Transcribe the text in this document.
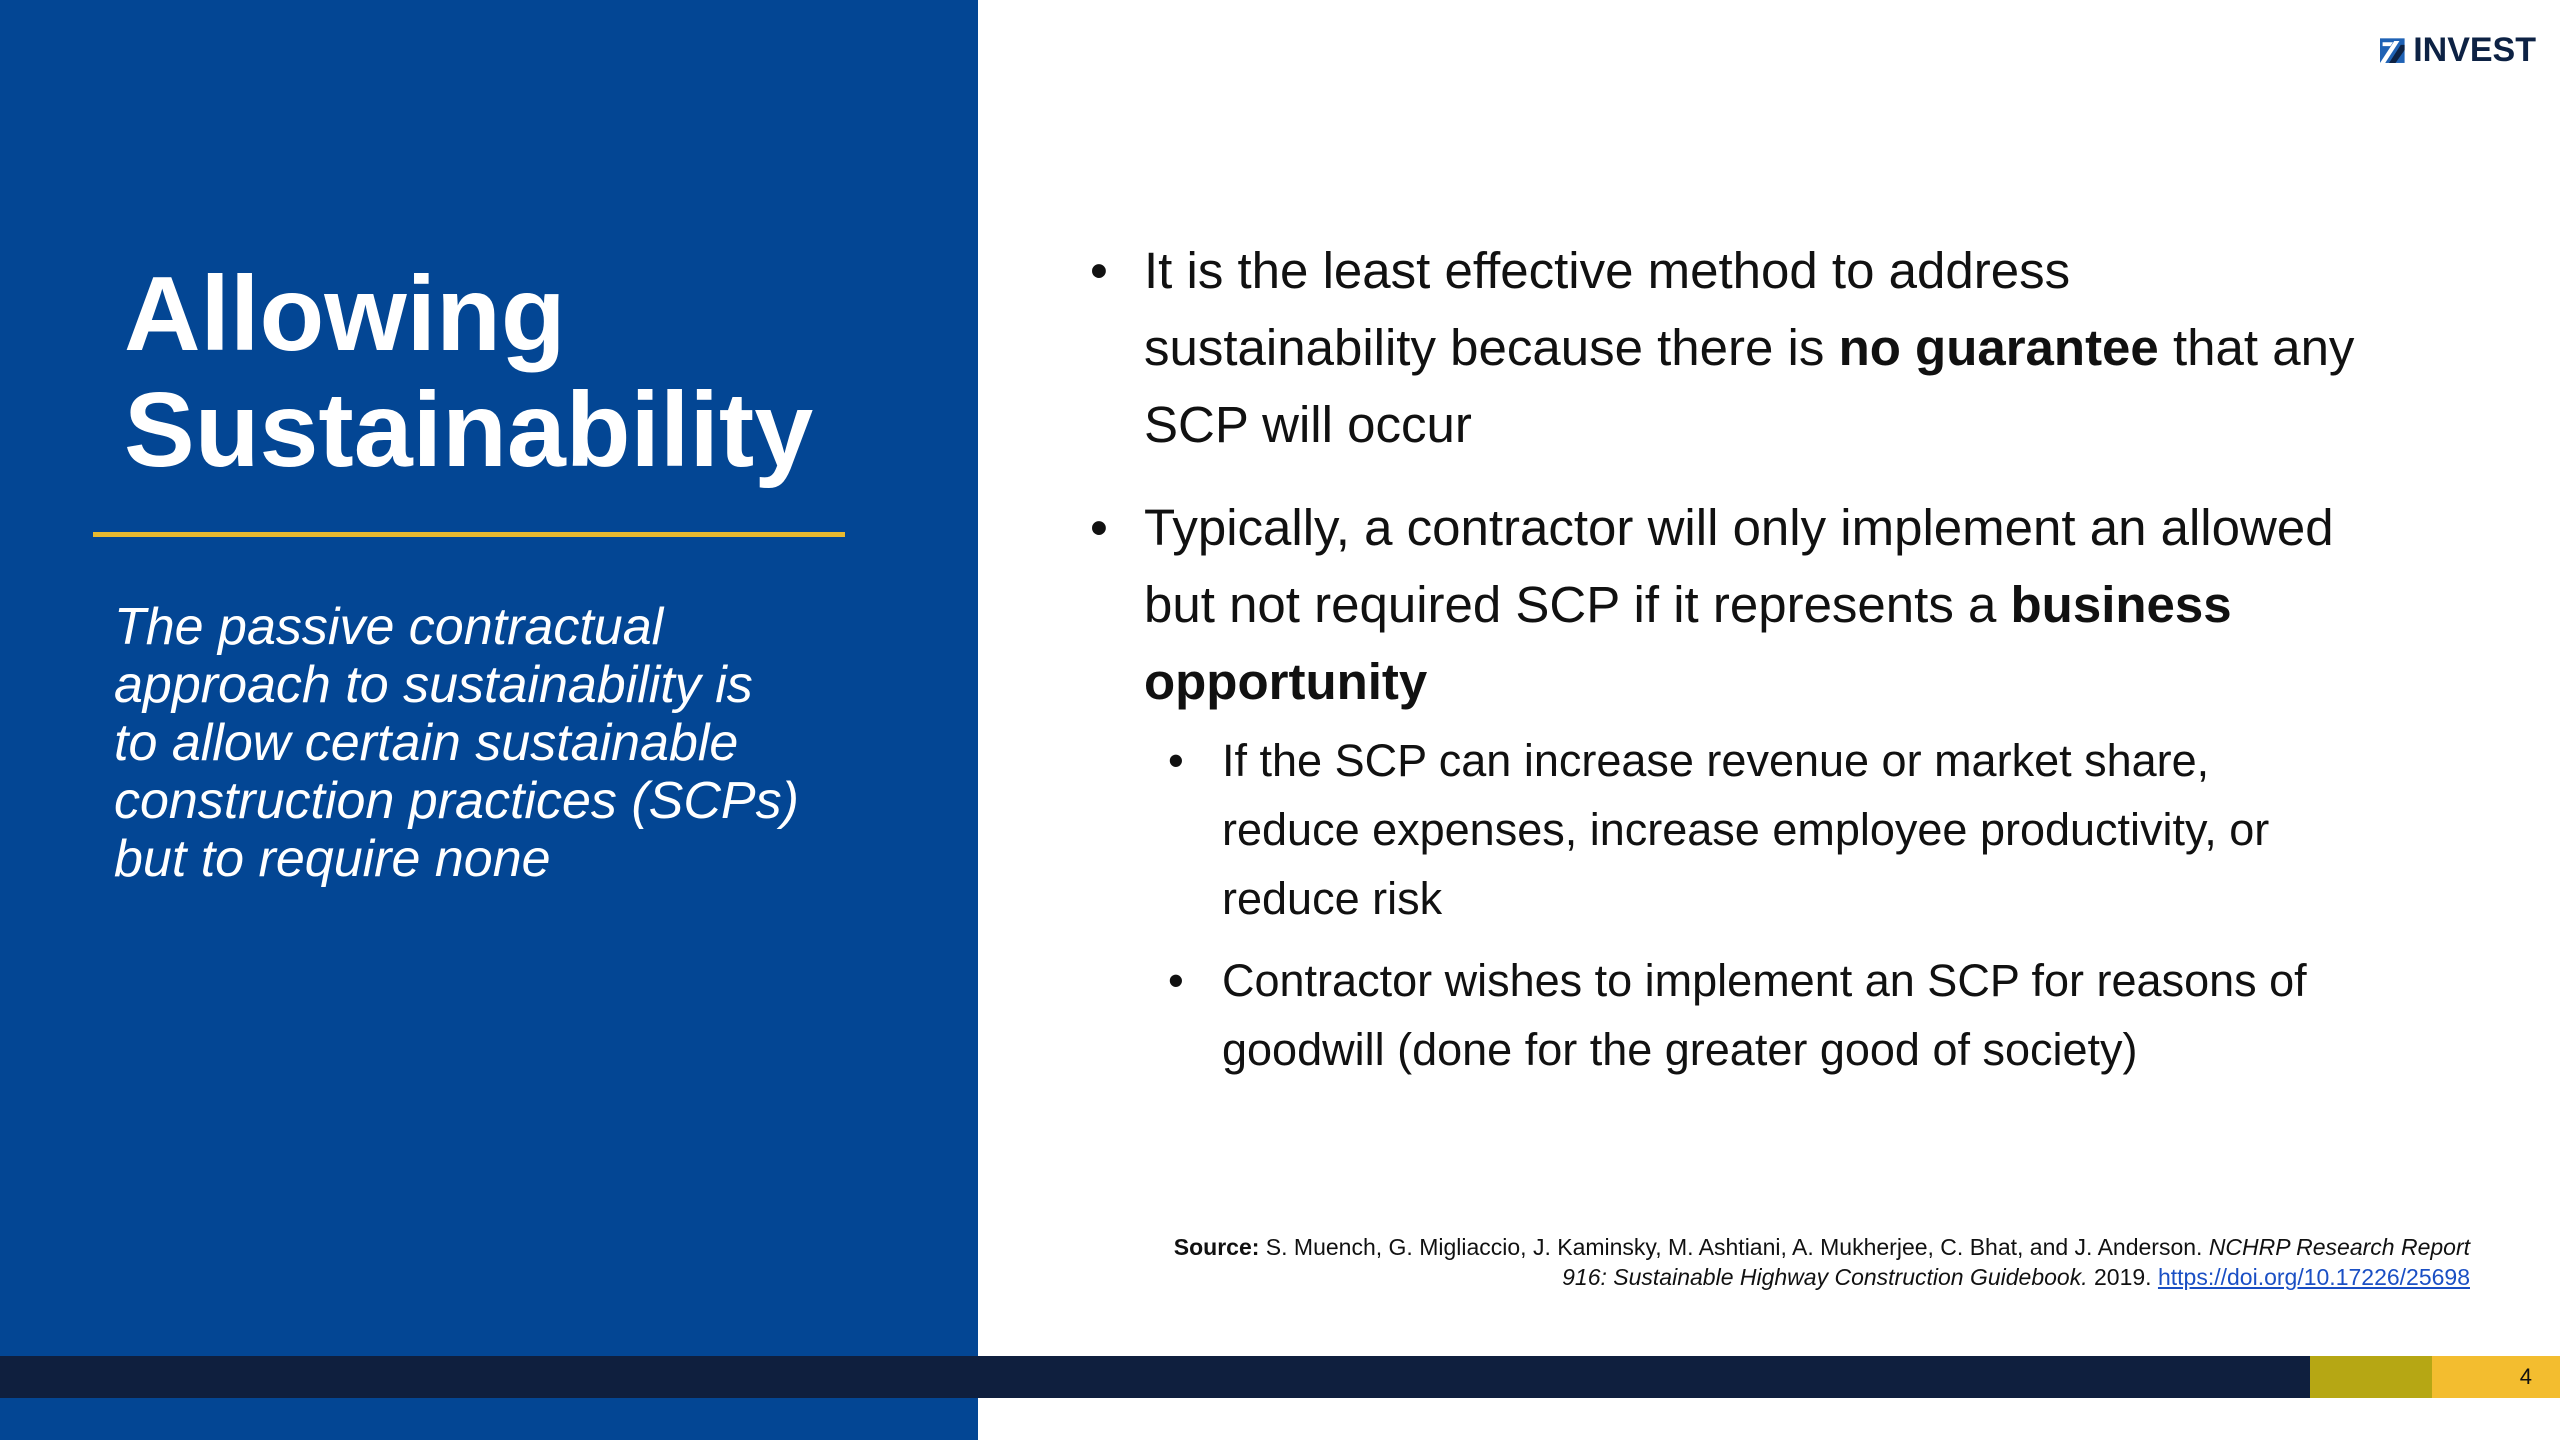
Allowing
Sustainability
The passive contractual
approach to sustainability is
to allow certain sustainable
construction practices (SCPs)
but to require none
INVEST
• It is the least effective method to address
sustainability because there is no guarantee that any
SCP will occur
• Typically, a contractor will only implement an allowed
but not required SCP if it represents a business
opportunity
• If the SCP can increase revenue or market share,
reduce expenses, increase employee productivity, or
reduce risk
• Contractor wishes to implement an SCP for reasons of
goodwill (done for the greater good of society)
Source: S. Muench, G. Migliaccio, J. Kaminsky, M. Ashtiani, A. Mukherjee, C. Bhat, and J. Anderson. NCHRP Research Report
916: Sustainable Highway Construction Guidebook. 2019. https://doi.org/10.17226/25698
4
